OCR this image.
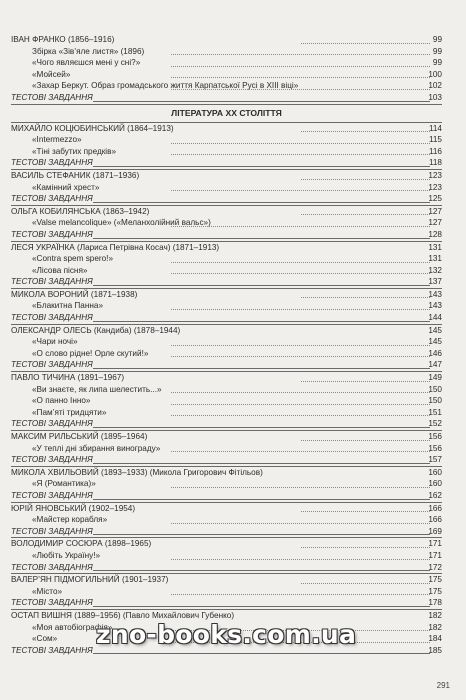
ІВАН ФРАНКО (1856–1916)	99
Збірка «Зів’яле листя» (1896)	99
«Чого являєшся мені у сні?»	99
«Мойсей»	100
«Захар Беркут. Образ громадського життя Карпатської Русі в XIII віці»	102
ТЕСТОВІ ЗАВДАННЯ	103
ЛІТЕРАТУРА XX СТОЛІТТЯ
МИХАЙЛО КОЦЮБИНСЬКИЙ (1864–1913)	114
«Intermezzo»	115
«Тіні забутих предків»	116
ТЕСТОВІ ЗАВДАННЯ	118
ВАСИЛЬ СТЕФАНИК (1871–1936)	123
«Камінний хрест»	123
ТЕСТОВІ ЗАВДАННЯ	125
ОЛЬГА КОБИЛЯНСЬКА (1863–1942)	127
«Valse melancolique» («Меланхолійний вальс»)	127
ТЕСТОВІ ЗАВДАННЯ	128
ЛЕСЯ УКРАЇНКА (Лариса Петрівна Косач) (1871–1913)	131
«Contra spem spero!»	131
«Лісова пісня»	132
ТЕСТОВІ ЗАВДАННЯ	137
МИКОЛА ВОРОНИЙ (1871–1938)	143
«Блакитна Панна»	143
ТЕСТОВІ ЗАВДАННЯ	144
ОЛЕКСАНДР ОЛЕСЬ (Кандиба) (1878–1944)	145
«Чари ночі»	145
«О слово рідне! Орле скутий!»	146
ТЕСТОВІ ЗАВДАННЯ	147
ПАВЛО ТИЧИНА (1891–1967)	149
«Ви знаєте, як липа шелестить...»	150
«О панно Інно»	150
«Пам’яті тридцяти»	151
ТЕСТОВІ ЗАВДАННЯ	152
МАКСИМ РИЛЬСЬКИЙ (1895–1964)	156
«У теплі дні збирання винограду»	156
ТЕСТОВІ ЗАВДАННЯ	157
МИКОЛА ХВИЛЬОВИЙ (1893–1933) (Микола Григорович Фітільов)	160
«Я (Романтика)»	160
ТЕСТОВІ ЗАВДАННЯ	162
ЮРІЙ ЯНОВСЬКИЙ (1902–1954)	166
«Майстер корабля»	166
ТЕСТОВІ ЗАВДАННЯ	169
ВОЛОДИМИР СОСЮРА (1898–1965)	171
«Любіть Україну!»	171
ТЕСТОВІ ЗАВДАННЯ	172
ВАЛЕР’ЯН ПІДМОГИЛЬНИЙ (1901–1937)	175
«Місто»	175
ТЕСТОВІ ЗАВДАННЯ	178
ОСТАП ВИШНЯ (1889–1956) (Павло Михайлович Губенко)	182
«Моя автобіографія»	182
«Сом»	184
ТЕСТОВІ ЗАВДАННЯ	185
zno-books.com.ua
291
